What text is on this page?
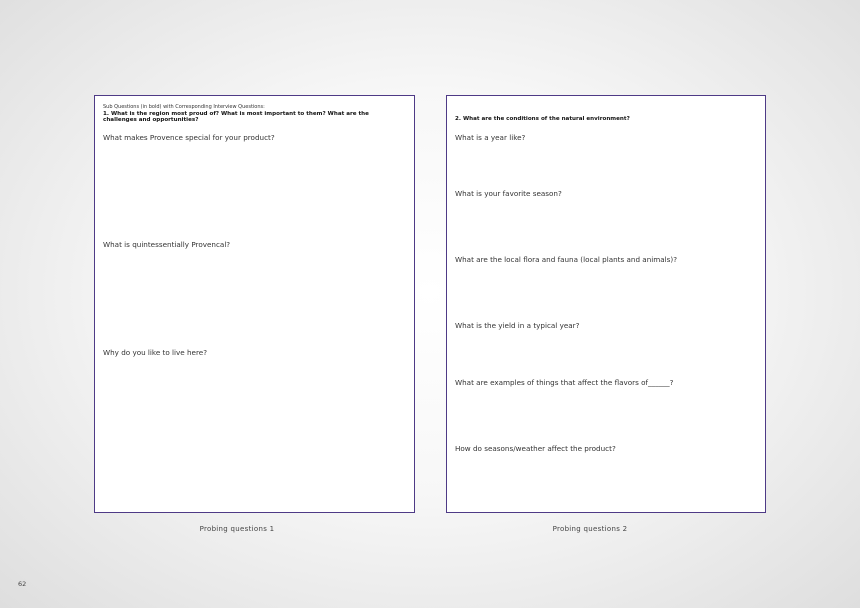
Sub Questions (in bold) with Corresponding Interview Questions:
1. What is the region most proud of? What is most important to them? What are the challenges and opportunities?
What makes Provence special for your product?
What is quintessentially Provencal?
Why do you like to live here?
2. What are the conditions of the natural environment?
What is a year like?
What is your favorite season?
What are the local flora and fauna (local plants and animals)?
What is the yield in a typical year?
What are examples of things that affect the flavors of______?
How do seasons/weather affect the product?
Probing questions 1	Probing questions 2
62
